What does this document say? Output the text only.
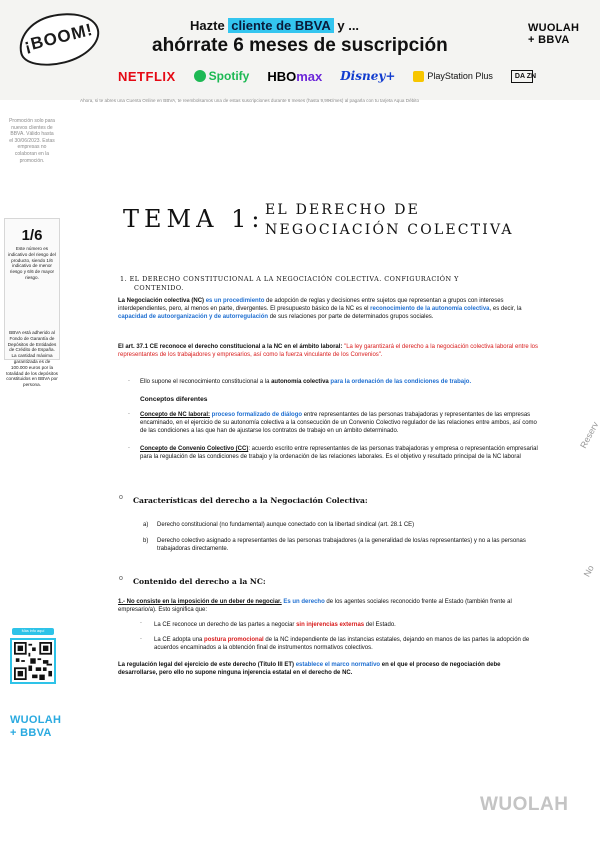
¡BOOM!	Hazte cliente de BBVA y ...
ahórrate 6 meses de suscripción
NETFLIX	Spotify HBOmax Disney+	PlayStation Plus	DA ZN
WUOLAH
+ BBVA
Ahora, si te abres una Cuenta Online en BBVA, te reembolsamos una de estas suscripciones durante 6 meses (hasta 9,99€/mes) al pagarla con tu tarjeta Aqua Débito
Promoción solo para nuevos clientes de BBVA. Válido hasta el 30/06/2023. Estas empresas no colaboran en la promoción.
1/6
Este número es indicativo del riesgo del producto, siendo 1/6 indicativo de menor riesgo y 6/6 de mayor riesgo.
BBVA está adherido al Fondo de Garantía de Depósitos de Entidades de Crédito de España. La cantidad máxima garantizada es de 100.000 euros por la totalidad de los depósitos constituidos en BBVA por persona.
Más info aquí
WUOLAH
+ BBVA
Reserv
No
WUOLAH
TEMA 1: EL DERECHO DE
NEGOCIACIÓN COLECTIVA
1. EL DERECHO CONSTITUCIONAL A LA NEGOCIACIÓN COLECTIVA. CONFIGURACIÓN Y
CONTENIDO.
La Negociación colectiva (NC) es un procedimiento de adopción de reglas y decisiones entre sujetos que representan a grupos con intereses interdependientes, pero, al menos en parte, divergentes. El presupuesto básico de la NC es el reconocimiento de la autonomía colectiva, es decir, la capacidad de autoorganización y de autorregulación de sus relaciones por parte de determinados grupos sociales.
El art. 37.1 CE reconoce el derecho constitucional a la NC en el ámbito laboral: "La ley garantizará el derecho a la negociación colectiva laboral entre los representantes de los trabajadores y empresarios, así como la fuerza vinculante de los Convenios".
. Ello supone el reconocimiento constitucional a la autonomía colectiva para la ordenación de las condiciones de trabajo.
Conceptos diferentes
. Concepto de NC laboral: proceso formalizado de diálogo entre representantes de las personas trabajadoras y representantes de las empresas encaminado, en el ejercicio de su autonomía colectiva a la consecución de un Convenio Colectivo regulador de las relaciones entre ambos, así como de las condiciones a las que han de ajustarse los contratos de trabajo en un ámbito determinado.
. Concepto de Convenio Colectivo (CC): acuerdo escrito entre representantes de las personas trabajadoras y empresa o representación empresarial para la regulación de las condiciones de trabajo y la ordenación de las relaciones laborales. Es el objetivo y resultado principal de la NC laboral
o Características del derecho a la Negociación Colectiva:
a)	Derecho constitucional (no fundamental) aunque conectado con la libertad sindical (art. 28.1 CE)
b)	Derecho colectivo asignado a representantes de las personas trabajadores (a la generalidad de los/as representantes) y no a las personas trabajadoras directamente.
o Contenido del derecho a la NC:
1.- No consiste en la imposición de un deber de negociar. Es un derecho de los agentes sociales reconocido frente al Estado (también frente al empresario/a). Esto significa que:
. La CE reconoce un derecho de las partes a negociar sin injerencias externas del Estado.
. La CE adopta una postura promocional de la NC independiente de las instancias estatales, dejando en manos de las partes la adopción de acuerdos encaminados a la obtención final de instrumentos normativos colectivos.
La regulación legal del ejercicio de este derecho (Título III ET) establece el marco normativo en el que el proceso de negociación debe desarrollarse, pero ello no supone ninguna injerencia estatal en el derecho de NC.
